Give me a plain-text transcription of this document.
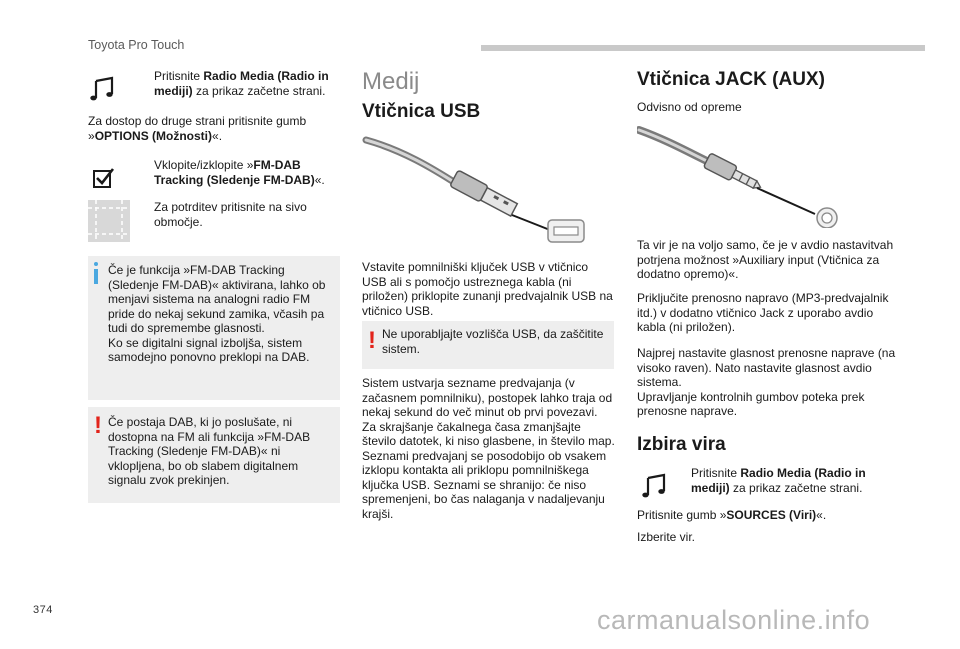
Toyota Pro Touch
Pritisnite Radio Media (Radio in mediji) za prikaz začetne strani.
Za dostop do druge strani pritisnite gumb »OPTIONS (Možnosti)«.
Vklopite/izklopite »FM-DAB Tracking (Sledenje FM-DAB)«.
Za potrditev pritisnite na sivo območje.
Če je funkcija »FM-DAB Tracking (Sledenje FM-DAB)« aktivirana, lahko ob menjavi sistema na analogni radio FM pride do nekaj sekund zamika, včasih pa tudi do spremembe glasnosti.
Ko se digitalni signal izboljša, sistem samodejno ponovno preklopi na DAB.
! Če postaja DAB, ki jo poslušate, ni dostopna na FM ali funkcija »FM-DAB Tracking (Sledenje FM-DAB)« ni vklopljena, bo ob slabem digitalnem signalu zvok prekinjen.
Medij
Vtičnica USB
Vstavite pomnilniški ključek USB v vtičnico USB ali s pomočjo ustreznega kabla (ni priložen) priklopite zunanji predvajalnik USB na vtičnico USB.
! Ne uporabljajte vozlišča USB, da zaščitite sistem.
Sistem ustvarja sezname predvajanja (v začasnem pomnilniku), postopek lahko traja od nekaj sekund do več minut ob prvi povezavi.
Za skrajšanje čakalnega časa zmanjšajte število datotek, ki niso glasbene, in število map.
Seznami predvajanj se posodobijo ob vsakem izklopu kontakta ali priklopu pomnilniškega ključka USB. Seznami se shranijo: če niso spremenjeni, bo čas nalaganja v nadaljevanju krajši.
Vtičnica JACK (AUX)
Odvisno od opreme
Ta vir je na voljo samo, če je v avdio nastavitvah potrjena možnost »Auxiliary input (Vtičnica za dodatno opremo)«.
Priključite prenosno napravo (MP3-predvajalnik itd.) v dodatno vtičnico Jack z uporabo avdio kabla (ni priložen).
Najprej nastavite glasnost prenosne naprave (na visoko raven). Nato nastavite glasnost avdio sistema.
Upravljanje kontrolnih gumbov poteka prek prenosne naprave.
Izbira vira
Pritisnite Radio Media (Radio in mediji) za prikaz začetne strani.
Pritisnite gumb »SOURCES (Viri)«.
Izberite vir.
374	carmanualsonline.info
